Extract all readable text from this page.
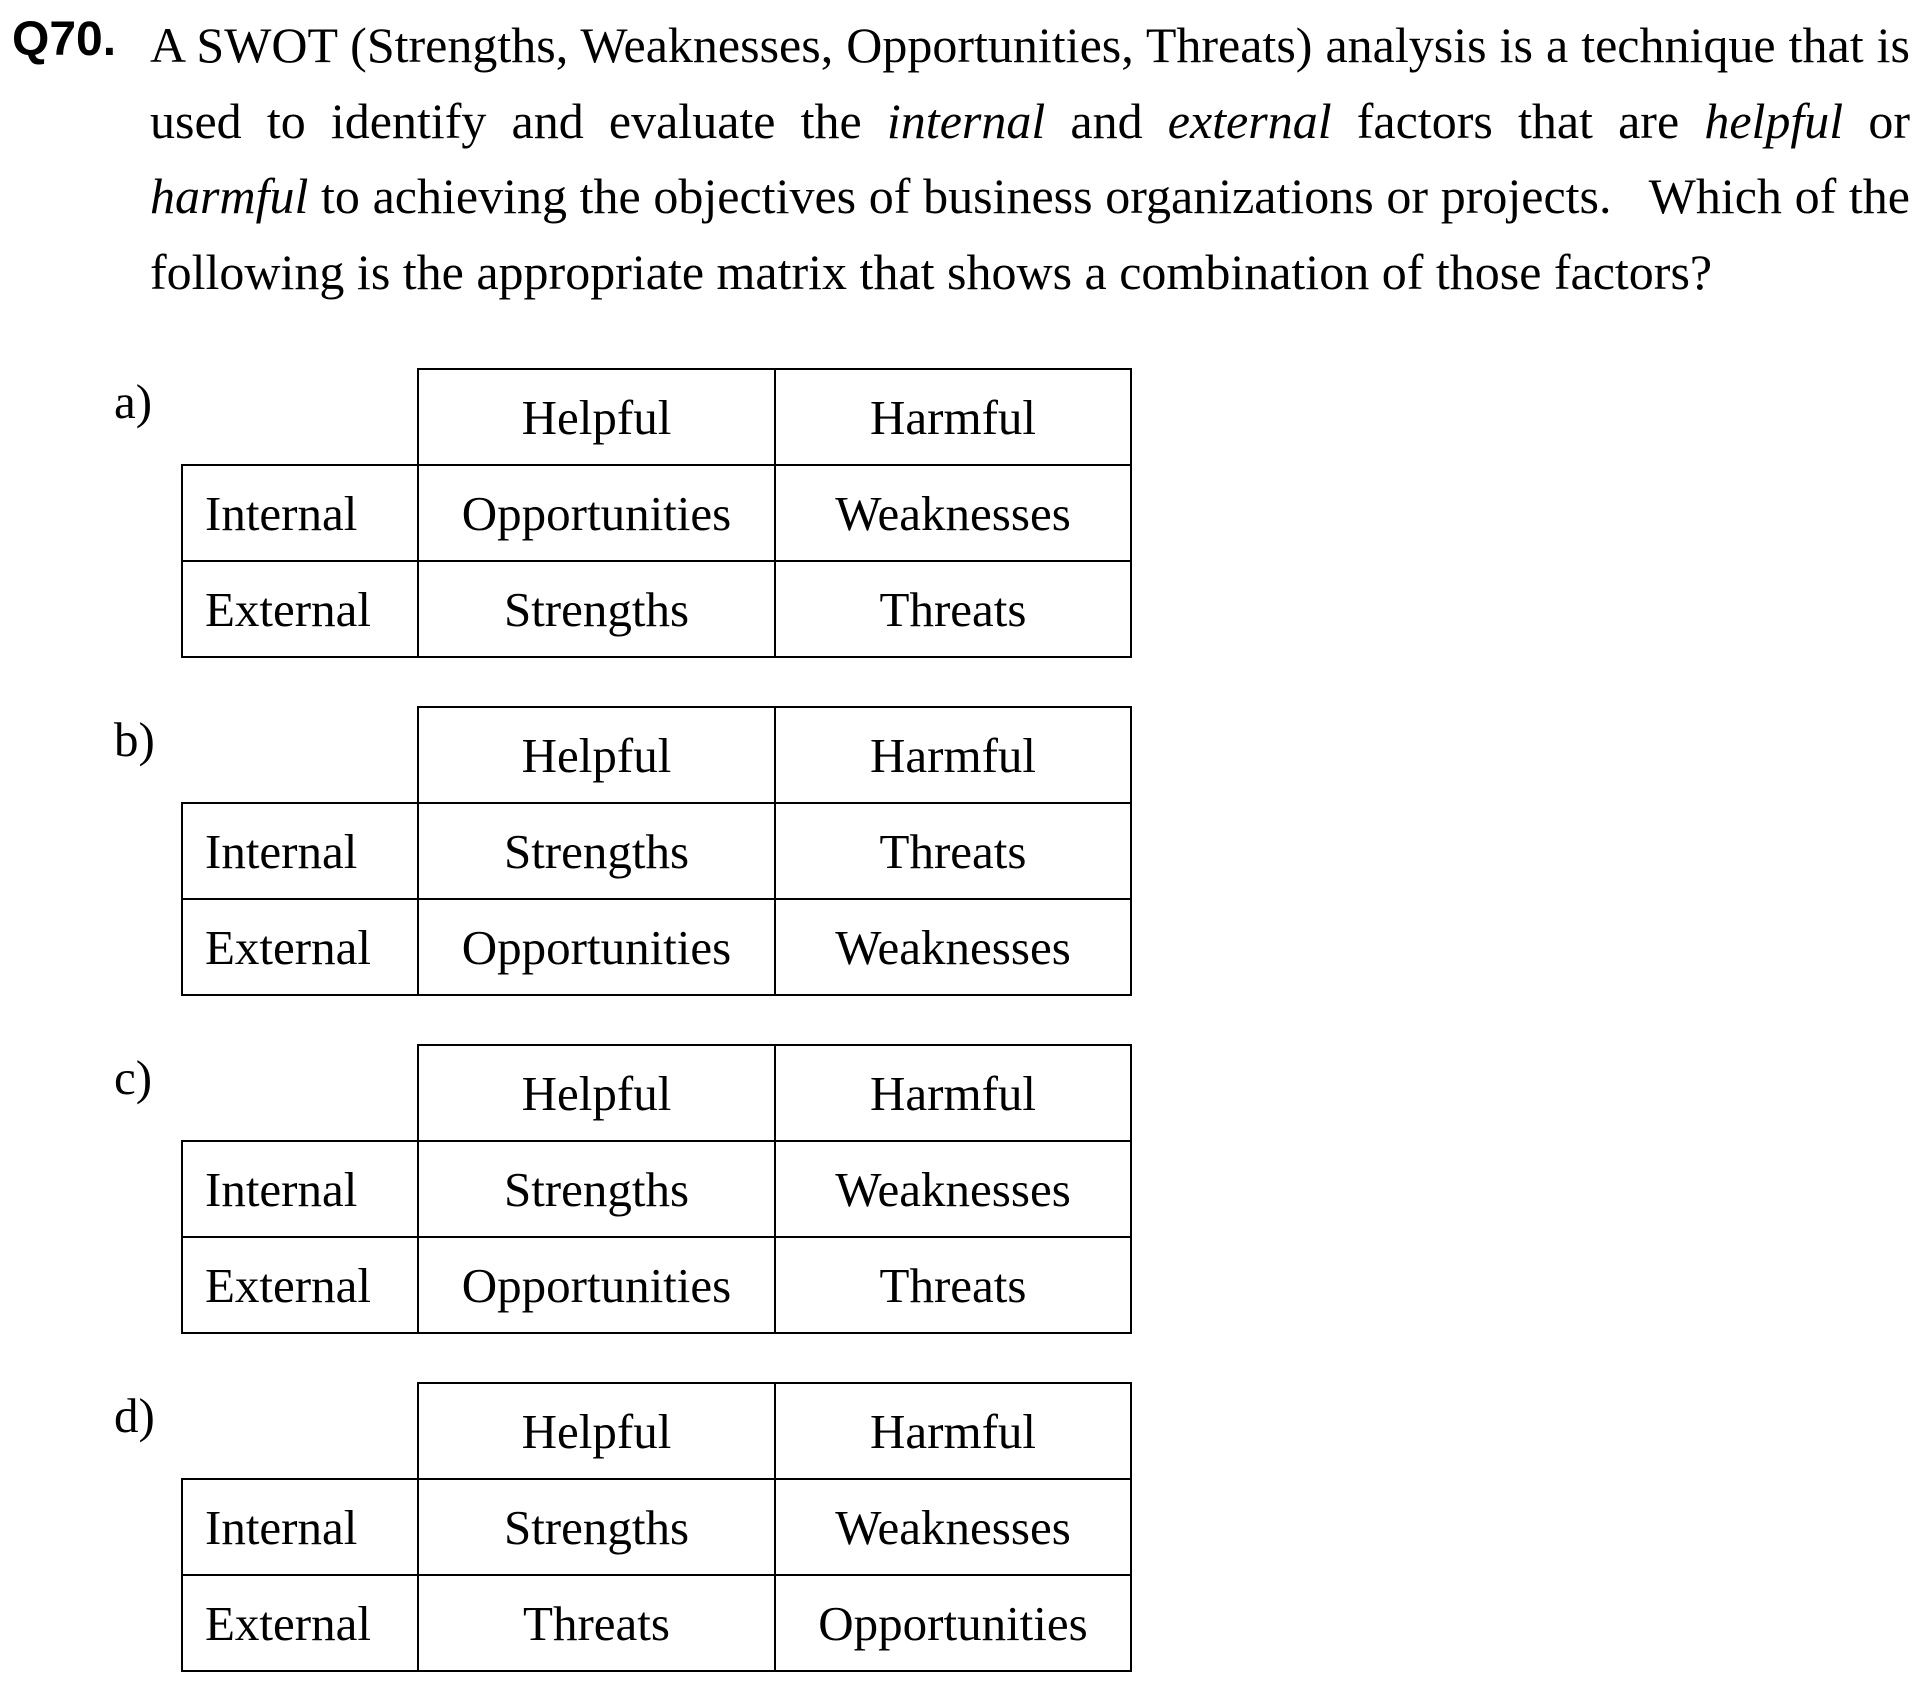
Q70. A SWOT (Strengths, Weaknesses, Opportunities, Threats) analysis is a technique that is used to identify and evaluate the internal and external factors that are helpful or harmful to achieving the objectives of business organizations or projects.   Which of the following is the appropriate matrix that shows a combination of those factors?
a)
		Helpful	Harmful
Internal	Opportunities	Weaknesses
External	Strengths	Threats
b)
		Helpful	Harmful
Internal	Strengths	Threats
External	Opportunities	Weaknesses
c)
		Helpful	Harmful
Internal	Strengths	Weaknesses
External	Opportunities	Threats
d)
		Helpful	Harmful
Internal	Strengths	Weaknesses
External	Threats	Opportunities
